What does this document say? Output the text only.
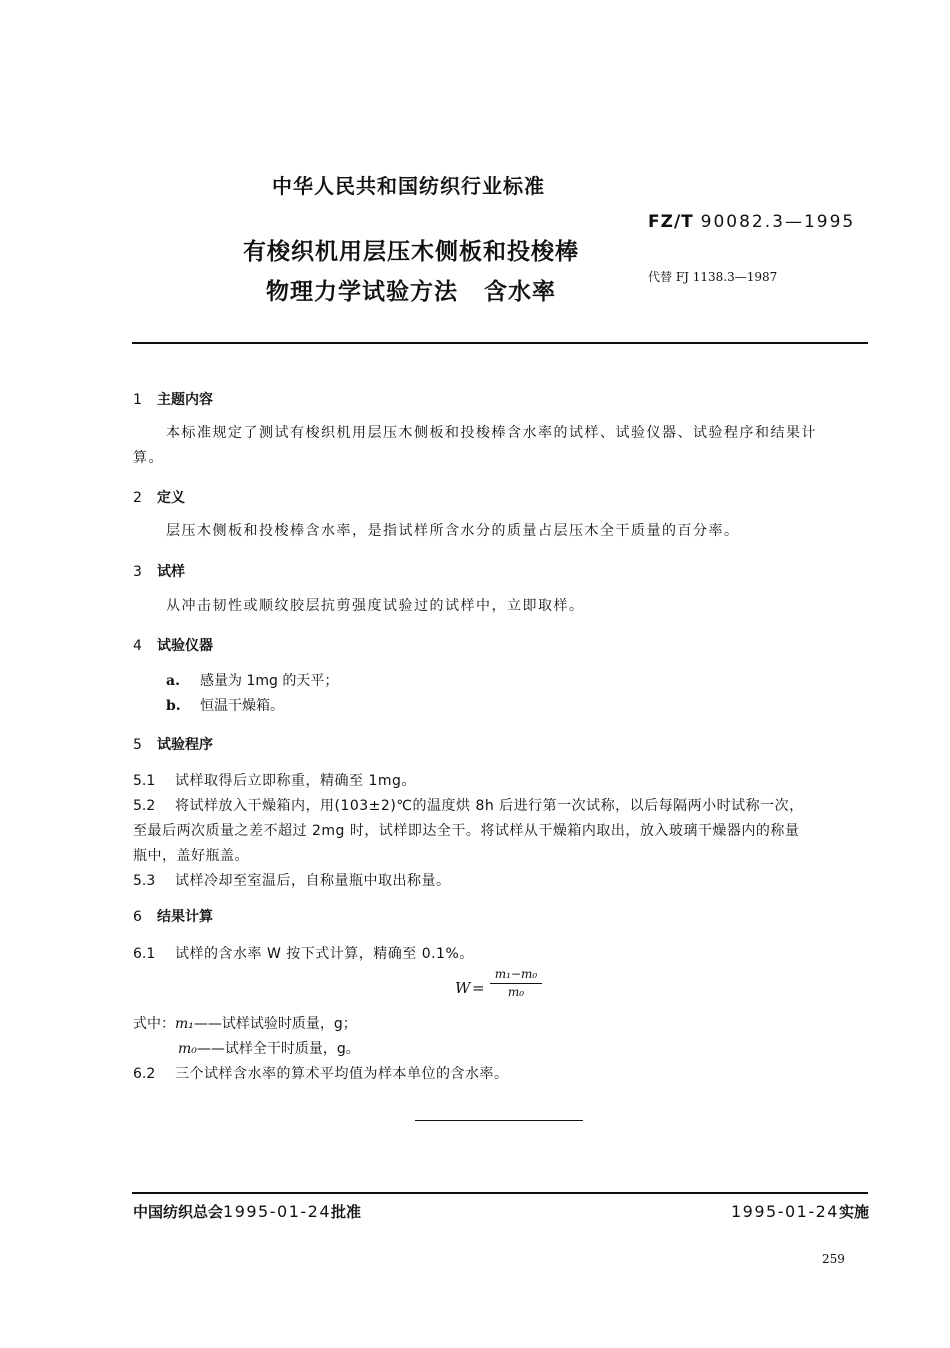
中华人民共和国纺织行业标准
FZ/T 90082.3—1995
有梭织机用层压木侧板和投梭棒
物理力学试验方法 含水率
代替 FJ 1138.3—1987
1 主题内容
本标准规定了测试有梭织机用层压木侧板和投梭棒含水率的试样、试验仪器、试验程序和结果计
算。
2 定义
层压木侧板和投梭棒含水率，是指试样所含水分的质量占层压木全干质量的百分率。
3 试样
从冲击韧性或顺纹胶层抗剪强度试验过的试样中，立即取样。
4 试验仪器
a. 感量为 1mg 的天平；
b. 恒温干燥箱。
5 试验程序
5.1 试样取得后立即称重，精确至 1mg。
5.2 将试样放入干燥箱内，用(103±2)℃的温度烘 8h 后进行第一次试称，以后每隔两小时试称一次，
至最后两次质量之差不超过 2mg 时，试样即达全干。将试样从干燥箱内取出，放入玻璃干燥器内的称量
瓶中，盖好瓶盖。
5.3 试样冷却至室温后，自称量瓶中取出称量。
6 结果计算
6.1 试样的含水率 W 按下式计算，精确至 0.1%。
$W = \frac{\text{m₁−m₀}}{\text{m₀}}$
式中：m₁——试样试验时质量，g；
m₀——试样全干时质量，g。
6.2 三个试样含水率的算术平均值为样本单位的含水率。
中国纺织总会1995-01-24批准	1995-01-24实施
259
